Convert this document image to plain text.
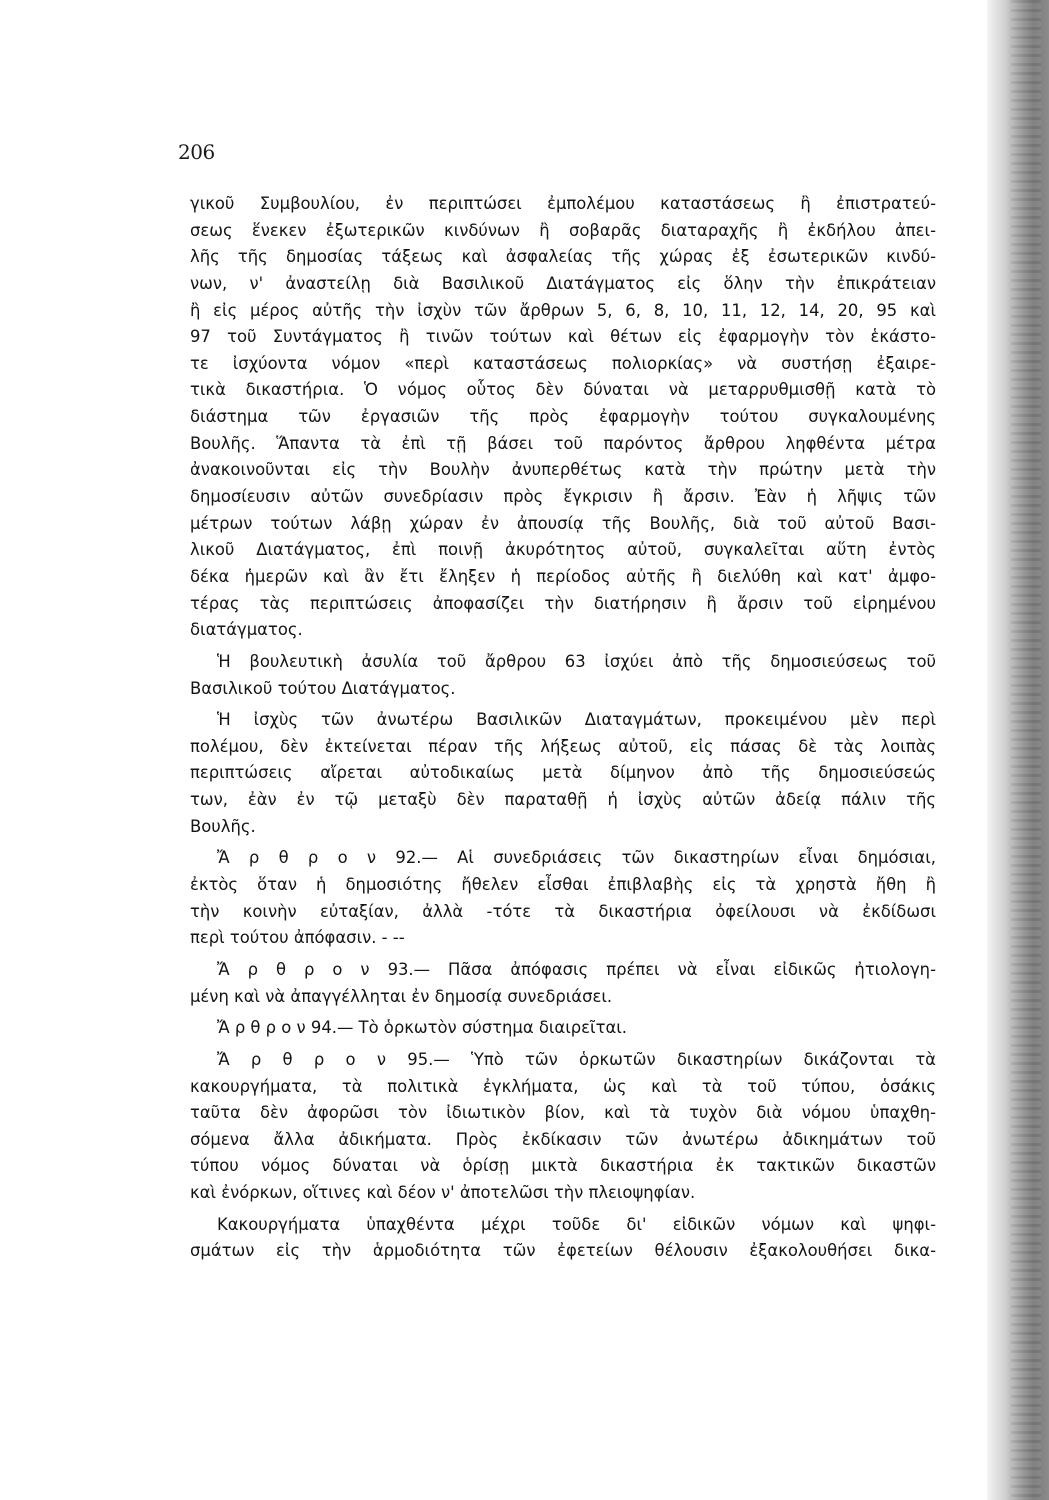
206
γικοῦ Συμβουλίου, ἐν περιπτώσει ἐμπολέμου καταστάσεως ἢ ἐπιστρατεύ-
σεως ἕνεκεν ἐξωτερικῶν κινδύνων ἢ σοβαρᾶς διαταραχῆς ἢ ἐκδήλου ἀπει-
λῆς τῆς δημοσίας τάξεως καὶ ἀσφαλείας τῆς χώρας ἐξ ἐσωτερικῶν κινδύ-
νων, ν' ἀναστείλῃ διὰ Βασιλικοῦ Διατάγματος εἰς ὅλην τὴν ἐπικράτειαν
ἢ εἰς μέρος αὐτῆς τὴν ἰσχὺν τῶν ἄρθρων 5, 6, 8, 10, 11, 12, 14, 20, 95 καὶ
97 τοῦ Συντάγματος ἢ τινῶν τούτων καὶ θέτων εἰς ἐφαρμογὴν τὸν ἑκάστο-
τε ἰσχύοντα νόμον «περὶ καταστάσεως πολιορκίας» νὰ συστήσῃ ἐξαιρε-
τικὰ δικαστήρια. Ὁ νόμος οὗτος δὲν δύναται νὰ μεταρρυθμισθῇ κατὰ τὸ
διάστημα τῶν ἐργασιῶν τῆς πρὸς ἐφαρμογὴν τούτου συγκαλουμένης
Βουλῆς. Ἅπαντα τὰ ἐπὶ τῇ βάσει τοῦ παρόντος ἄρθρου ληφθέντα μέτρα
ἀνακοινοῦνται εἰς τὴν Βουλὴν ἀνυπερθέτως κατὰ τὴν πρώτην μετὰ τὴν
δημοσίευσιν αὐτῶν συνεδρίασιν πρὸς ἔγκρισιν ἢ ἄρσιν. Ἐὰν ἡ λῆψις τῶν
μέτρων τούτων λάβῃ χώραν ἐν ἀπουσίᾳ τῆς Βουλῆς, διὰ τοῦ αὐτοῦ Βασι-
λικοῦ Διατάγματος, ἐπὶ ποινῇ ἀκυρότητος αὐτοῦ, συγκαλεῖται αὕτη ἐντὸς
δέκα ἡμερῶν καὶ ἂν ἔτι ἔληξεν ἡ περίοδος αὐτῆς ἢ διελύθη καὶ κατ' ἀμφο-
τέρας τὰς περιπτώσεις ἀποφασίζει τὴν διατήρησιν ἢ ἄρσιν τοῦ εἰρημένου
διατάγματος.
Ἡ βουλευτικὴ ἀσυλία τοῦ ἄρθρου 63 ἰσχύει ἀπὸ τῆς δημοσιεύσεως τοῦ
Βασιλικοῦ τούτου Διατάγματος.
Ἡ ἰσχὺς τῶν ἀνωτέρω Βασιλικῶν Διαταγμάτων, προκειμένου μὲν περὶ
πολέμου, δὲν ἐκτείνεται πέραν τῆς λήξεως αὐτοῦ, εἰς πάσας δὲ τὰς λοιπὰς
περιπτώσεις αἴρεται αὐτοδικαίως μετὰ δίμηνον ἀπὸ τῆς δημοσιεύσεώς
των, ἐὰν ἐν τῷ μεταξὺ δὲν παραταθῇ ἡ ἰσχὺς αὐτῶν ἀδείᾳ πάλιν τῆς
Βουλῆς.
Ἄ ρ θ ρ ο ν 92.— Αἱ συνεδριάσεις τῶν δικαστηρίων εἶναι δημόσιαι,
ἐκτὸς ὅταν ἡ δημοσιότης ἤθελεν εἶσθαι ἐπιβλαβὴς εἰς τὰ χρηστὰ ἤθη ἢ
τὴν κοινὴν εὐταξίαν, ἀλλὰ -τότε τὰ δικαστήρια ὀφείλουσι νὰ ἐκδίδωσι
περὶ τούτου ἀπόφασιν. - --
Ἄ ρ θ ρ ο ν 93.— Πᾶσα ἀπόφασις πρέπει νὰ εἶναι εἰδικῶς ἠτιολογη-
μένη καὶ νὰ ἀπαγγέλληται ἐν δημοσίᾳ συνεδριάσει.
Ἄ ρ θ ρ ο ν 94.— Τὸ ὁρκωτὸν σύστημα διαιρεῖται.
Ἄ ρ θ ρ ο ν 95.— Ὑπὸ τῶν ὁρκωτῶν δικαστηρίων δικάζονται τὰ
κακουργήματα, τὰ πολιτικὰ ἐγκλήματα, ὡς καὶ τὰ τοῦ τύπου, ὁσάκις
ταῦτα δὲν ἀφορῶσι τὸν ἰδιωτικὸν βίον, καὶ τὰ τυχὸν διὰ νόμου ὑπαχθη-
σόμενα ἄλλα ἀδικήματα. Πρὸς ἐκδίκασιν τῶν ἀνωτέρω ἀδικημάτων τοῦ
τύπου νόμος δύναται νὰ ὁρίσῃ μικτὰ δικαστήρια ἐκ τακτικῶν δικαστῶν
καὶ ἐνόρκων, οἵτινες καὶ δέον ν' ἀποτελῶσι τὴν πλειοψηφίαν.
Κακουργήματα ὑπαχθέντα μέχρι τοῦδε δι' εἰδικῶν νόμων καὶ ψηφι-
σμάτων εἰς τὴν ἁρμοδιότητα τῶν ἐφετείων θέλουσιν ἐξακολουθήσει δικα-
